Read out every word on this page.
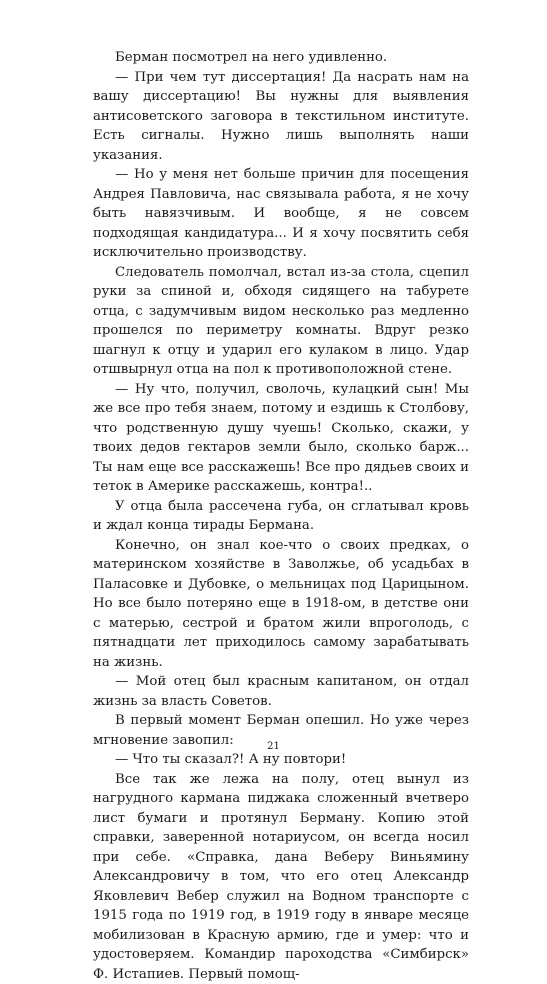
Берман посмотрел на него удивленно.

— При чем тут диссертация! Да насрать нам на вашу диссертацию! Вы нужны для выявления антисоветского заговора в текстильном институте. Есть сигналы. Нужно лишь выполнять наши указания.

— Но у меня нет больше причин для посещения Андрея Павловича, нас связывала работа, я не хочу быть навязчивым. И вообще, я не совсем подходящая кандидатура... И я хочу посвятить себя исключительно производству.

Следователь помолчал, встал из-за стола, сцепил руки за спиной и, обходя сидящего на табурете отца, с задумчивым видом несколько раз медленно прошелся по периметру комнаты. Вдруг резко шагнул к отцу и ударил его кулаком в лицо. Удар отшвырнул отца на пол к противоположной стене.

— Ну что, получил, сволочь, кулацкий сын! Мы же все про тебя знаем, потому и ездишь к Столбову, что родственную душу чуешь! Сколько, скажи, у твоих дедов гектаров земли было, сколько барж... Ты нам еще все расскажешь! Все про дядьев своих и теток в Америке расскажешь, контра!..

У отца была рассечена губа, он сглатывал кровь и ждал конца тирады Бермана.

Конечно, он знал кое-что о своих предках, о материнском хозяйстве в Заволжье, об усадьбах в Паласовке и Дубовке, о мельницах под Царицыном. Но все было потеряно еще в 1918-ом, в детстве они с матерью, сестрой и братом жили впроголодь, с пятнадцати лет приходилось самому зарабатывать на жизнь.

— Мой отец был красным капитаном, он отдал жизнь за власть Советов.

В первый момент Берман опешил. Но уже через мгновение завопил:

— Что ты сказал?! А ну повтори!

Все так же лежа на полу, отец вынул из нагрудного кармана пиджака сложенный вчетверо лист бумаги и протянул Берману. Копию этой справки, заверенной нотариусом, он всегда носил при себе. «Справка, дана Веберу Виньямину Александровичу в том, что его отец Александр Яковлевич Вебер служил на Водном транспорте с 1915 года по 1919 год, в 1919 году в январе месяце мобилизован в Красную армию, где и умер: что и удостоверяем. Командир пароходства «Симбирск» Ф. Истапиев. Первый помощ-

21
